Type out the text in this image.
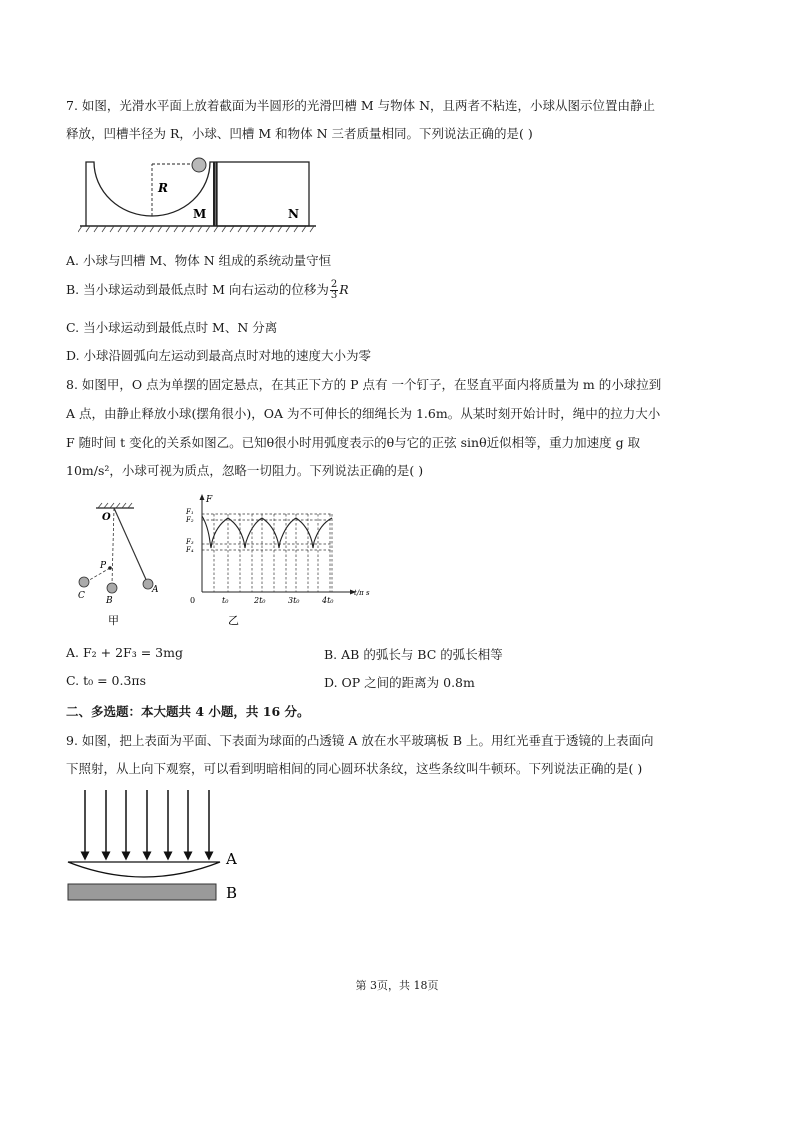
7. 如图，光滑水平面上放着截面为半圆形的光滑凹槽 M 与物体 N，且两者不粘连，小球从图示位置由静止
释放，凹槽半径为 R，小球、凹槽 M 和物体 N 三者质量相同。下列说法正确的是( )
R
M	N
A. 小球与凹槽 M、物体 N 组成的系统动量守恒
B. 当小球运动到最低点时 M 向右运动的位移为 $\frac{2}{3}$ R
C. 当小球运动到最低点时 M、N 分离
D. 小球沿圆弧向左运动到最高点时对地的速度大小为零
8. 如图甲，O 点为单摆的固定悬点，在其正下方的 P 点有 一个钉子，在竖直平面内将质量为 m 的小球拉到
A 点，由静止释放小球(摆角很小)，OA 为不可伸长的细绳长为 1.6m。从某时刻开始计时，绳中的拉力大小
F 随时间 t 变化的关系如图乙。已知θ很小时用弧度表示的θ与它的正弦 sinθ近似相等，重力加速度 g 取
10m/s²，小球可视为质点，忽略一切阻力。下列说法正确的是( )
O
P
A
B
C
甲
F
F₁
F₂
F₃
F₄
0	t₀	2t₀	3t₀	4t₀
t/π s
乙
A. F₂ + 2F₃ = 3mg	B. AB 的弧长与 BC 的弧长相等
C. t₀ = 0.3πs	D. OP 之间的距离为 0.8m
二、多选题：本大题共 4 小题，共 16 分。
9. 如图，把上表面为平面、下表面为球面的凸透镜 A 放在水平玻璃板 B 上。用红光垂直于透镜的上表面向
下照射，从上向下观察，可以看到明暗相间的同心圆环状条纹，这些条纹叫牛顿环。下列说法正确的是( )
A
B
第 3页，共 18页
